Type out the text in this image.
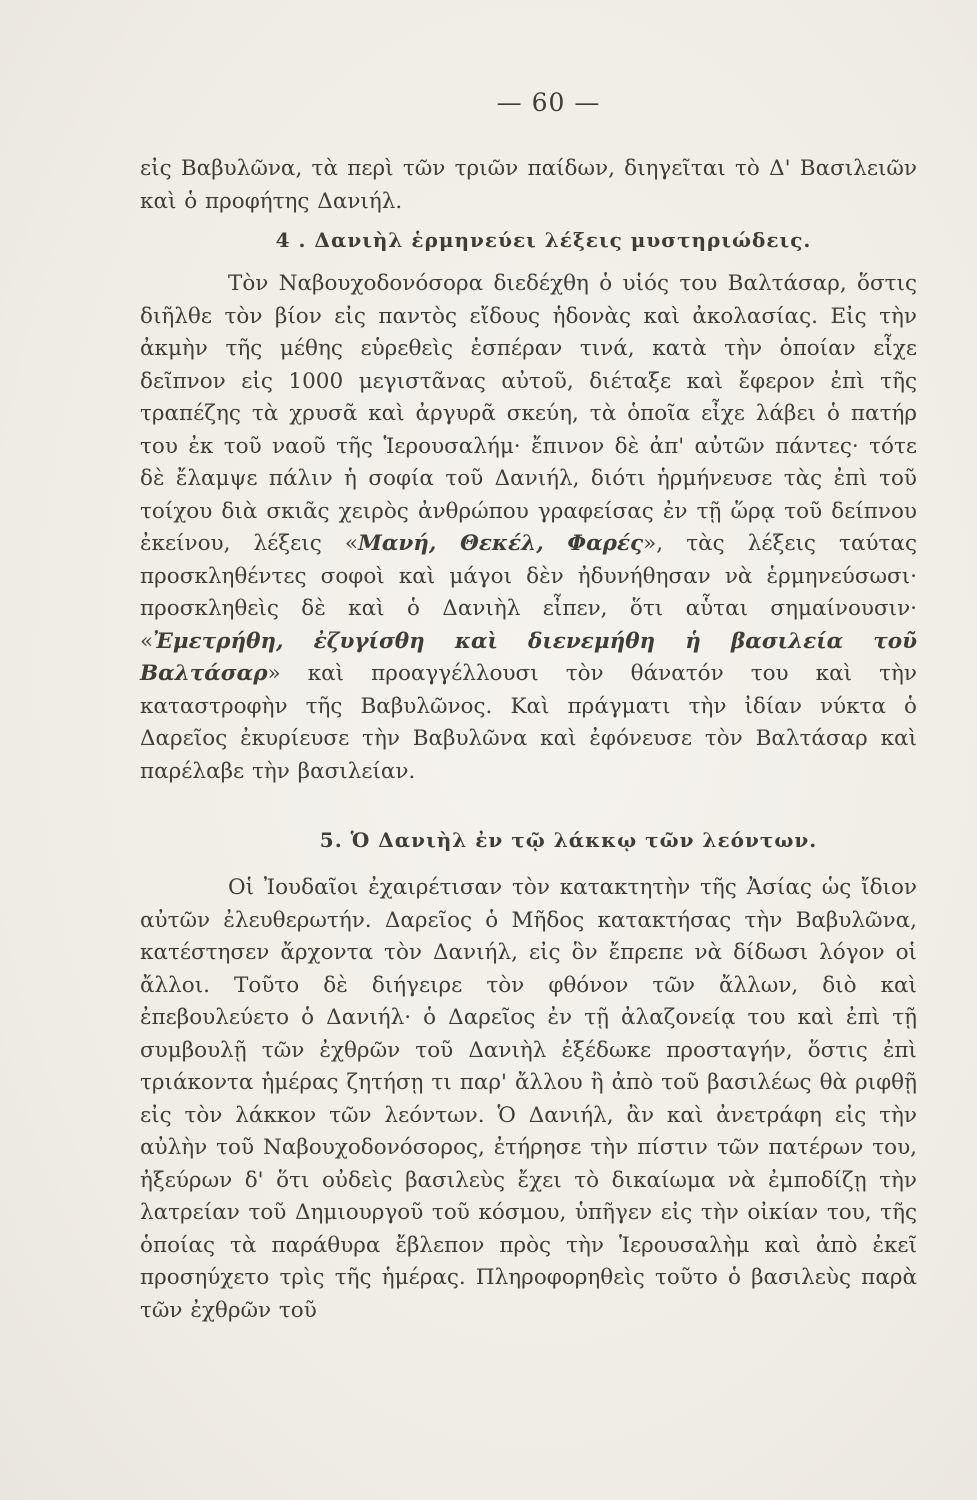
— 60 —

εἰς Βαβυλῶνα, τὰ περὶ τῶν τριῶν παίδων, διηγεῖται τὸ Δ' Βασιλειῶν καὶ ὁ προφήτης Δανιήλ.

4 . Δανιὴλ ἑρμηνεύει λέξεις μυστηριώδεις.

Τὸν Ναβουχοδονόσορα διεδέχθη ὁ υἱός του Βαλτάσαρ, ὅστις διῆλθε τὸν βίον εἰς παντὸς εἴδους ἡδονὰς καὶ ἀκολασίας. Εἰς τὴν ἀκμὴν τῆς μέθης εὑρεθεὶς ἑσπέραν τινά, κατὰ τὴν ὁποίαν εἶχε δεῖπνον εἰς 1000 μεγιστᾶνας αὐτοῦ, διέταξε καὶ ἔφερον ἐπὶ τῆς τραπέζης τὰ χρυσᾶ καὶ ἀργυρᾶ σκεύη, τὰ ὁποῖα εἶχε λάβει ὁ πατήρ του ἐκ τοῦ ναοῦ τῆς Ἱερουσαλήμ· ἔπινον δὲ ἀπ' αὐτῶν πάντες· τότε δὲ ἔλαμψε πάλιν ἡ σοφία τοῦ Δανιήλ, διότι ἡρμήνευσε τὰς ἐπὶ τοῦ τοίχου διὰ σκιᾶς χειρὸς ἀνθρώπου γραφείσας ἐν τῇ ὥρᾳ τοῦ δείπνου ἐκείνου, λέξεις «Μανή, Θεκέλ, Φαρές», τὰς λέξεις ταύτας προσκληθέντες σοφοὶ καὶ μάγοι δὲν ἠδυνήθησαν νὰ ἑρμηνεύσωσι· προσκληθεὶς δὲ καὶ ὁ Δανιὴλ εἶπεν, ὅτι αὗται σημαίνουσιν· «Ἐμετρήθη, ἐζυγίσθη καὶ διενεμήθη ἡ βασιλεία τοῦ Βαλτάσαρ» καὶ προαγγέλλουσι τὸν θάνατόν του καὶ τὴν καταστροφὴν τῆς Βαβυλῶνος. Καὶ πράγματι τὴν ἰδίαν νύκτα ὁ Δαρεῖος ἐκυρίευσε τὴν Βαβυλῶνα καὶ ἐφόνευσε τὸν Βαλτάσαρ καὶ παρέλαβε τὴν βασιλείαν.

5. Ὁ Δανιὴλ ἐν τῷ λάκκῳ τῶν λεόντων.

Οἱ Ἰουδαῖοι ἐχαιρέτισαν τὸν κατακτητὴν τῆς Ἀσίας ὡς ἴδιον αὐτῶν ἐλευθερωτήν. Δαρεῖος ὁ Μῆδος κατακτήσας τὴν Βαβυλῶνα, κατέστησεν ἄρχοντα τὸν Δανιήλ, εἰς ὃν ἔπρεπε νὰ δίδωσι λόγον οἱ ἄλλοι. Τοῦτο δὲ διήγειρε τὸν φθόνον τῶν ἄλλων, διὸ καὶ ἐπεβουλεύετο ὁ Δανιήλ· ὁ Δαρεῖος ἐν τῇ ἀλαζονείᾳ του καὶ ἐπὶ τῇ συμβουλῇ τῶν ἐχθρῶν τοῦ Δανιὴλ ἐξέδωκε προσταγήν, ὅστις ἐπὶ τριάκοντα ἡμέρας ζητήσῃ τι παρ' ἄλλου ἢ ἀπὸ τοῦ βασιλέως θὰ ριφθῇ εἰς τὸν λάκκον τῶν λεόντων. Ὁ Δανιήλ, ἂν καὶ ἀνετράφη εἰς τὴν αὐλὴν τοῦ Ναβουχοδονόσορος, ἐτήρησε τὴν πίστιν τῶν πατέρων του, ἠξεύρων δ' ὅτι οὐδεὶς βασιλεὺς ἔχει τὸ δικαίωμα νὰ ἐμποδίζῃ τὴν λατρείαν τοῦ Δημιουργοῦ τοῦ κόσμου, ὑπῆγεν εἰς τὴν οἰκίαν του, τῆς ὁποίας τὰ παράθυρα ἔβλεπον πρὸς τὴν Ἱερουσαλὴμ καὶ ἀπὸ ἐκεῖ προσηύχετο τρὶς τῆς ἡμέρας. Πληροφορηθεὶς τοῦτο ὁ βασιλεὺς παρὰ τῶν ἐχθρῶν τοῦ
